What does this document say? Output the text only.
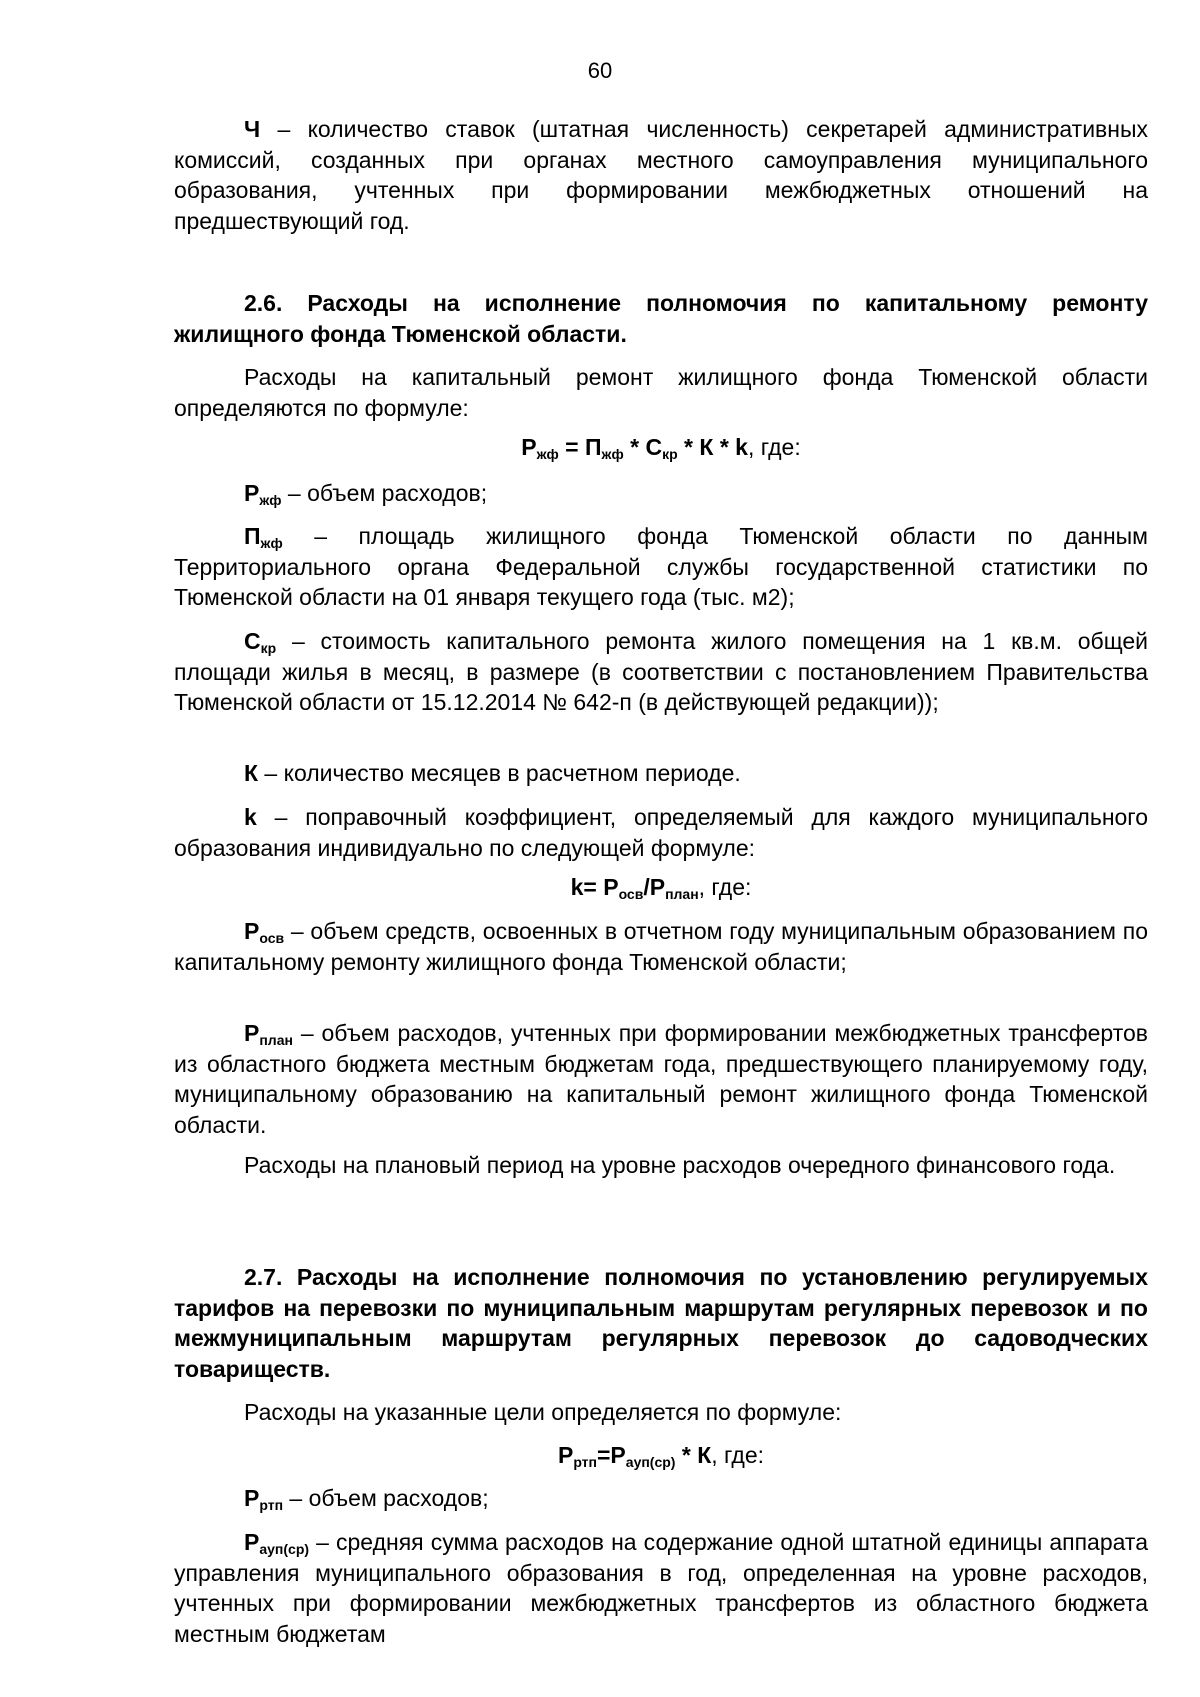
60
Ч – количество ставок (штатная численность) секретарей административных комиссий, созданных при органах местного самоуправления муниципального образования, учтенных при формировании межбюджетных отношений на предшествующий год.
2.6. Расходы на исполнение полномочия по капитальному ремонту жилищного фонда Тюменской области.
Расходы на капитальный ремонт жилищного фонда Тюменской области определяются по формуле:
$Р_{жф} = П_{жф} * С_{кр} * К * k$, где:
$Р_{жф}$ – объем расходов;
$П_{жф}$ – площадь жилищного фонда Тюменской области по данным Территориального органа Федеральной службы государственной статистики по Тюменской области на 01 января текущего года (тыс. м2);
$С_{кр}$ – стоимость капитального ремонта жилого помещения на 1 кв.м. общей площади жилья в месяц, в размере (в соответствии с постановлением Правительства Тюменской области от 15.12.2014 № 642-п (в действующей редакции));
К – количество месяцев в расчетном периоде.
k – поправочный коэффициент, определяемый для каждого муниципального образования индивидуально по следующей формуле:
$k= Р_{осв}/Р_{план}$, где:
$Р_{осв}$ – объем средств, освоенных в отчетном году муниципальным образованием по капитальному ремонту жилищного фонда Тюменской области;
$Р_{план}$ – объем расходов, учтенных при формировании межбюджетных трансфертов из областного бюджета местным бюджетам года, предшествующего планируемому году, муниципальному образованию на капитальный ремонт жилищного фонда Тюменской области.
Расходы на плановый период на уровне расходов очередного финансового года.
2.7. Расходы на исполнение полномочия по установлению регулируемых тарифов на перевозки по муниципальным маршрутам регулярных перевозок и по межмуниципальным маршрутам регулярных перевозок до садоводческих товариществ.
Расходы на указанные цели определяется по формуле:
$Р_{ртп}=Р_{ауп(ср)} * К$, где:
$Р_{ртп}$ – объем расходов;
$Р_{ауп(ср)}$ – средняя сумма расходов на содержание одной штатной единицы аппарата управления муниципального образования в год, определенная на уровне расходов, учтенных при формировании межбюджетных трансфертов из областного бюджета местным бюджетам
